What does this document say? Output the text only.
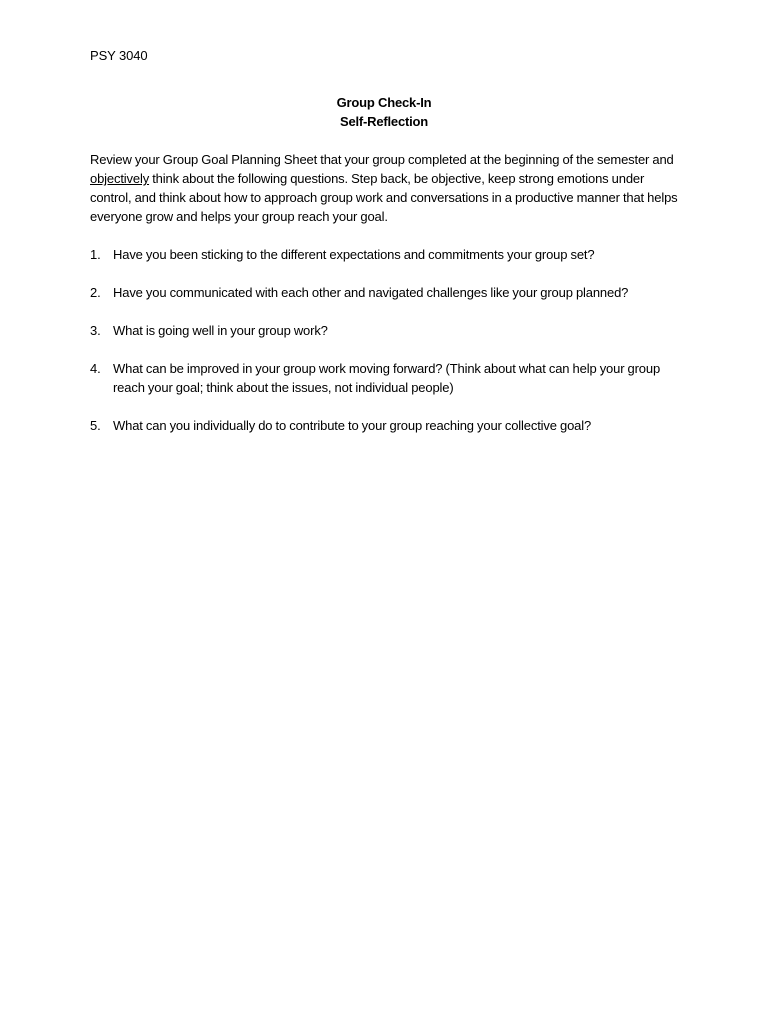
PSY 3040
Group Check-In
Self-Reflection

Review your Group Goal Planning Sheet that your group completed at the beginning of the semester and objectively think about the following questions. Step back, be objective, keep strong emotions under control, and think about how to approach group work and conversations in a productive manner that helps everyone grow and helps your group reach your goal.

1. Have you been sticking to the different expectations and commitments your group set?
2. Have you communicated with each other and navigated challenges like your group planned?
3. What is going well in your group work?
4. What can be improved in your group work moving forward? (Think about what can help your group reach your goal; think about the issues, not individual people)
5. What can you individually do to contribute to your group reaching your collective goal?
